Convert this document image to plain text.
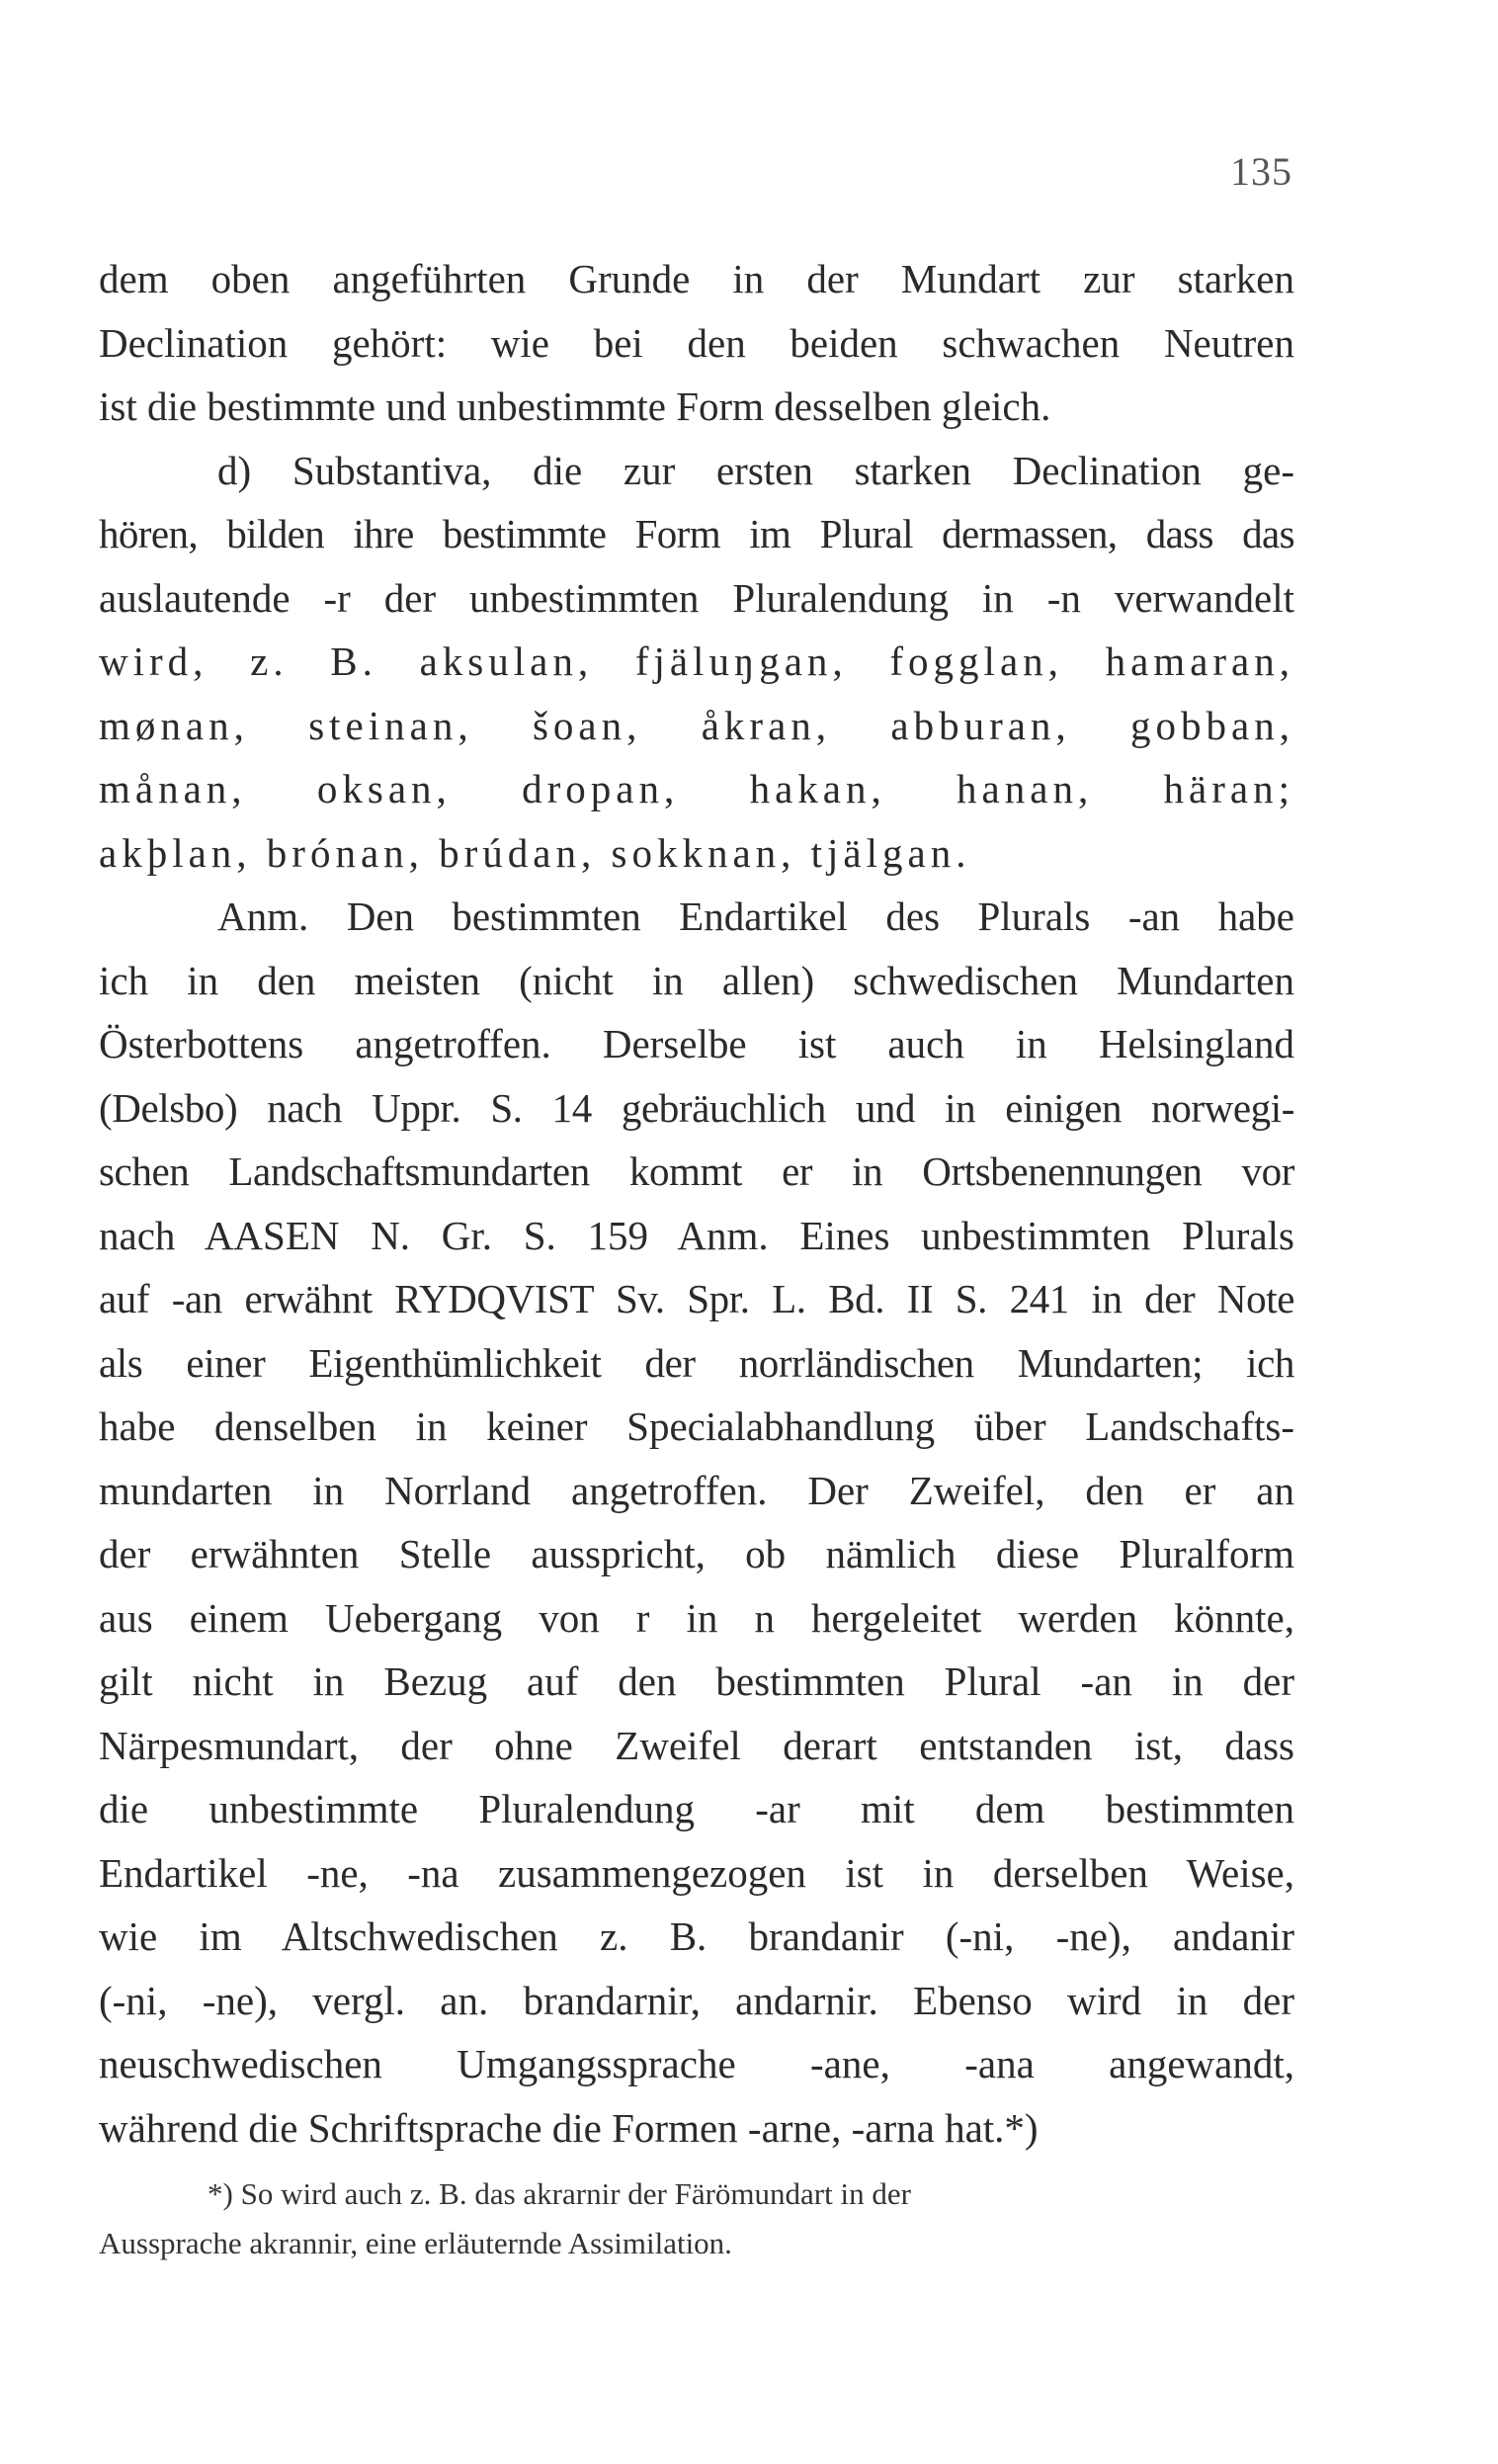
135
dem oben angeführten Grunde in der Mundart zur starken
Declination gehört: wie bei den beiden schwachen Neutren
ist die bestimmte und unbestimmte Form desselben gleich.
d) Substantiva, die zur ersten starken Declination ge-
hören, bilden ihre bestimmte Form im Plural dermassen, dass das
auslautende -r der unbestimmten Pluralendung in -n verwandelt
wird, z. B. aksulan, fjäluŋgan, fogglan, hamaran,
mønan, steinan, šoan, åkran, abburan, gobban,
månan, oksan, dropan, hakan, hanan, häran;
akþlan, brónan, brúdan, sokknan, tjälgan.
Anm. Den bestimmten Endartikel des Plurals -an habe
ich in den meisten (nicht in allen) schwedischen Mundarten
Österbottens angetroffen. Derselbe ist auch in Helsingland
(Delsbo) nach Uppr. S. 14 gebräuchlich und in einigen norwegi-
schen Landschaftsmundarten kommt er in Ortsbenennungen vor
nach AASEN N. Gr. S. 159 Anm. Eines unbestimmten Plurals
auf -an erwähnt RYDQVIST Sv. Spr. L. Bd. II S. 241 in der Note
als einer Eigenthümlichkeit der norrländischen Mundarten; ich
habe denselben in keiner Specialabhandlung über Landschafts-
mundarten in Norrland angetroffen. Der Zweifel, den er an
der erwähnten Stelle ausspricht, ob nämlich diese Pluralform
aus einem Uebergang von r in n hergeleitet werden könnte,
gilt nicht in Bezug auf den bestimmten Plural -an in der
Närpesmundart, der ohne Zweifel derart entstanden ist, dass
die unbestimmte Pluralendung -ar mit dem bestimmten
Endartikel -ne, -na zusammengezogen ist in derselben Weise,
wie im Altschwedischen z. B. brandanir (-ni, -ne), andanir
(-ni, -ne), vergl. an. brandarnir, andarnir. Ebenso wird in der
neuschwedischen Umgangssprache -ane, -ana angewandt,
während die Schriftsprache die Formen -arne, -arna hat.*)
*) So wird auch z. B. das akrarnir der Färömundart in der
Aussprache akrannir, eine erläuternde Assimilation.
